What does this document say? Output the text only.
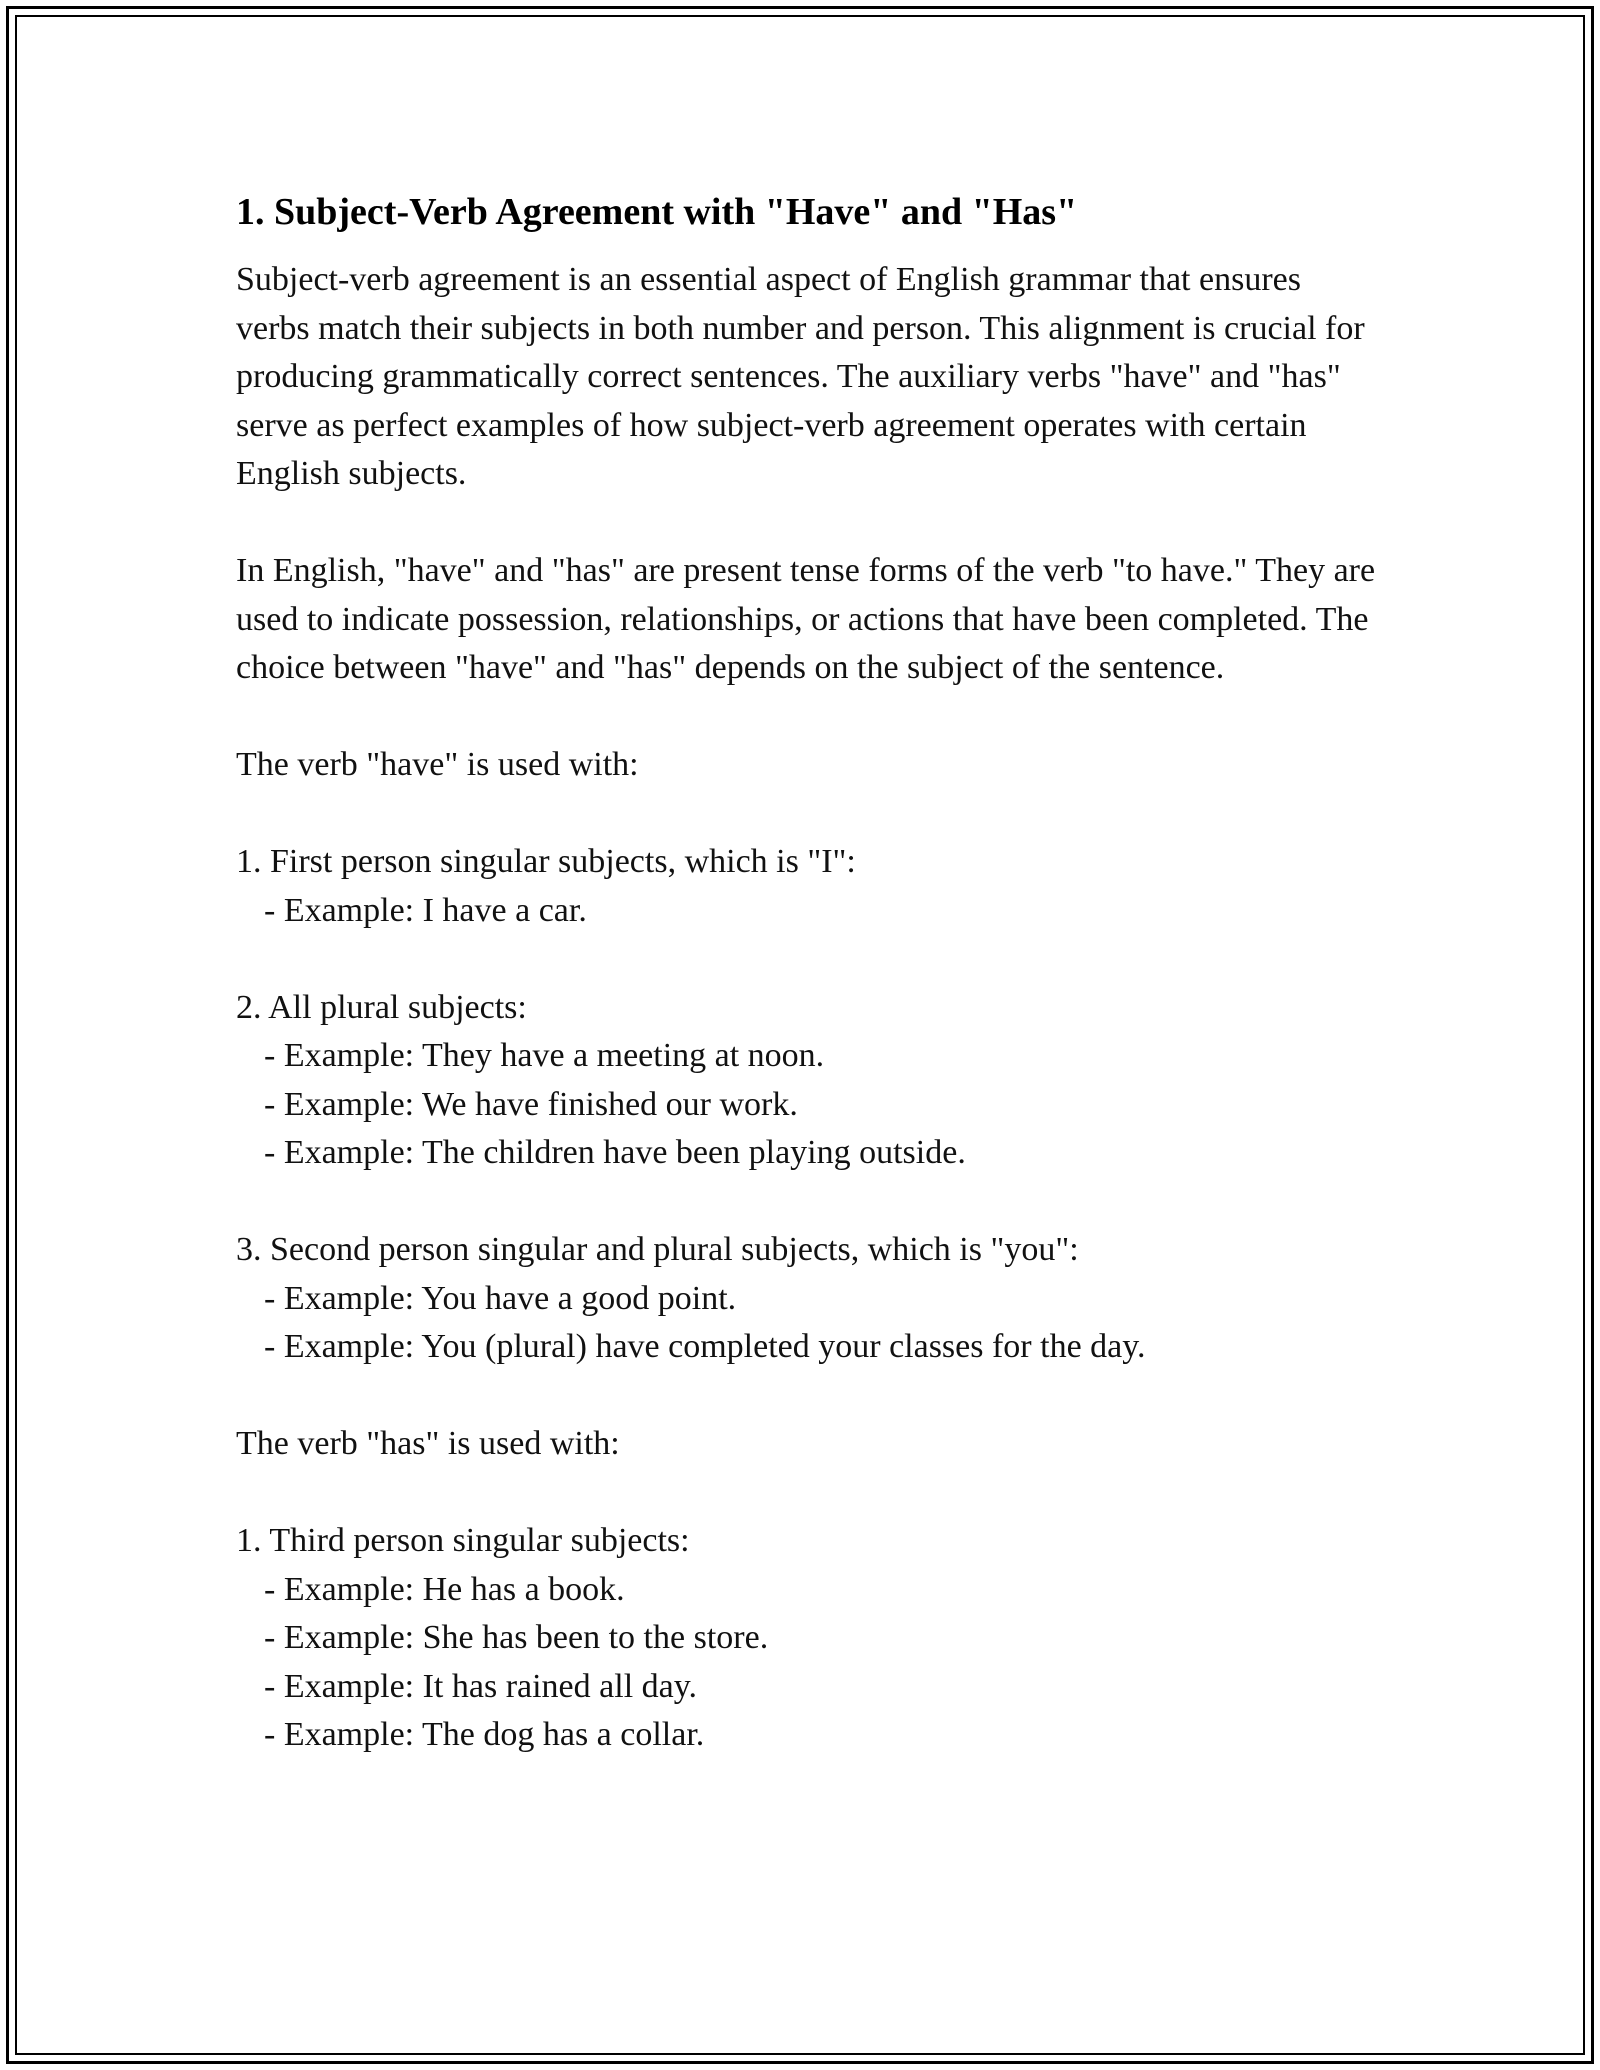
1. Subject-Verb Agreement with "Have" and "Has"

Subject-verb agreement is an essential aspect of English grammar that ensures verbs match their subjects in both number and person. This alignment is crucial for producing grammatically correct sentences. The auxiliary verbs "have" and "has" serve as perfect examples of how subject-verb agreement operates with certain English subjects.

In English, "have" and "has" are present tense forms of the verb "to have." They are used to indicate possession, relationships, or actions that have been completed. The choice between "have" and "has" depends on the subject of the sentence.

The verb "have" is used with:

1. First person singular subjects, which is "I":

- Example: I have a car.

2. All plural subjects:

- Example: They have a meeting at noon.

- Example: We have finished our work.

- Example: The children have been playing outside.

3. Second person singular and plural subjects, which is "you":

- Example: You have a good point.

- Example: You (plural) have completed your classes for the day.

The verb "has" is used with:

1. Third person singular subjects:

- Example: He has a book.

- Example: She has been to the store.

- Example: It has rained all day.

- Example: The dog has a collar.
